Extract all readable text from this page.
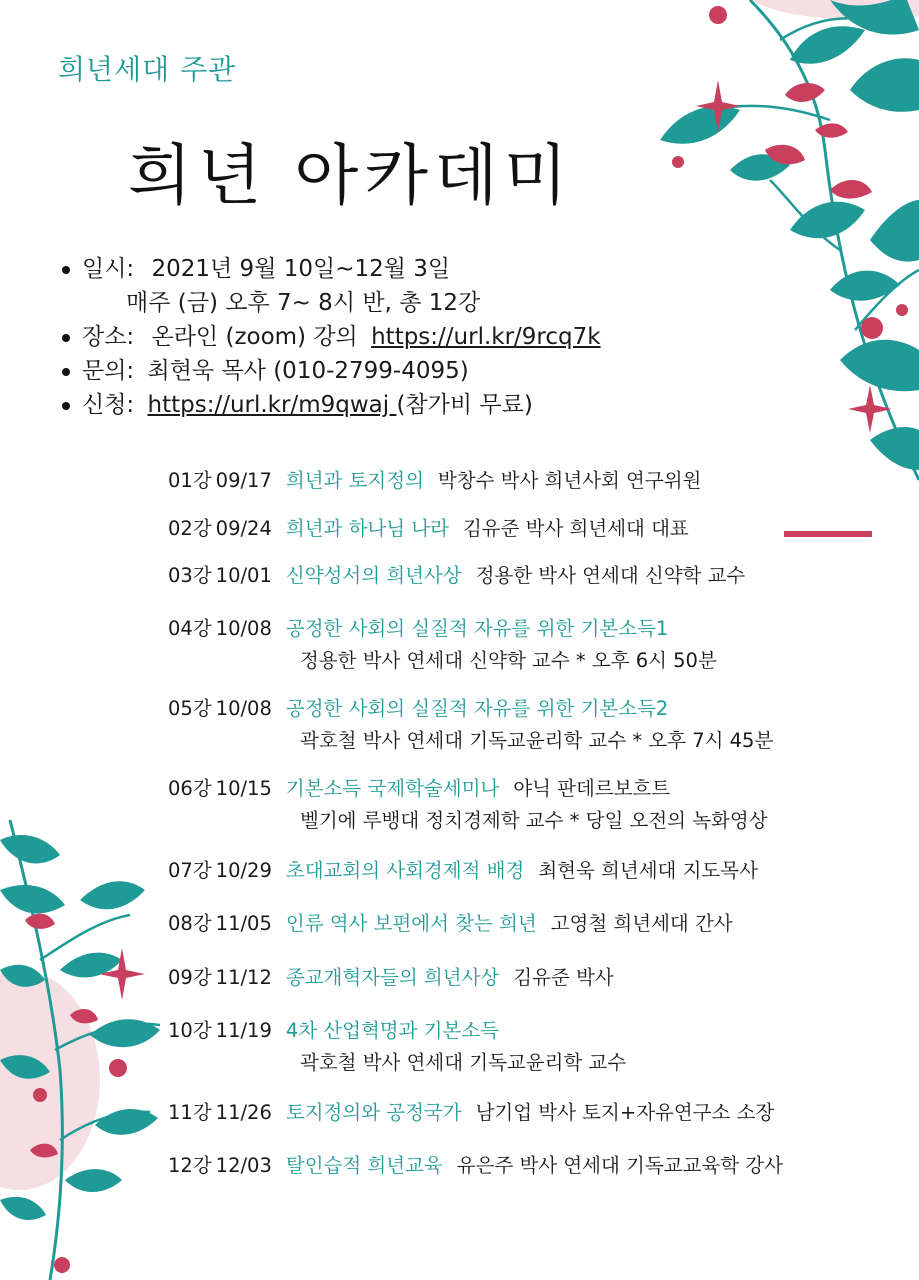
희년세대 주관
희년 아카데미
일시: 2021년 9월 10일~12월 3일
매주 (금) 오후 7~ 8시 반, 총 12강
장소: 온라인 (zoom) 강의 https://url.kr/9rcq7k
문의: 최현욱 목사 (010-2799-4095)
신청: https://url.kr/m9qwaj (참가비 무료)
01강 09/17 희년과 토지정의 박창수 박사 희년사회 연구위원
02강 09/24 희년과 하나님 나라 김유준 박사 희년세대 대표
03강 10/01 신약성서의 희년사상 정용한 박사 연세대 신약학 교수
04강 10/08 공정한 사회의 실질적 자유를 위한 기본소득1
정용한 박사 연세대 신약학 교수 * 오후 6시 50분
05강 10/08 공정한 사회의 실질적 자유를 위한 기본소득2
곽호철 박사 연세대 기독교윤리학 교수 * 오후 7시 45분
06강 10/15 기본소득 국제학술세미나 야닉 판데르보흐트
벨기에 루뱅대 정치경제학 교수 * 당일 오전의 녹화영상
07강 10/29 초대교회의 사회경제적 배경 최현욱 희년세대 지도목사
08강 11/05 인류 역사 보편에서 찾는 희년 고영철 희년세대 간사
09강 11/12 종교개혁자들의 희년사상 김유준 박사
10강 11/19 4차 산업혁명과 기본소득
곽호철 박사 연세대 기독교윤리학 교수
11강 11/26 토지정의와 공정국가 남기업 박사 토지+자유연구소 소장
12강 12/03 탈인습적 희년교육 유은주 박사 연세대 기독교교육학 강사
